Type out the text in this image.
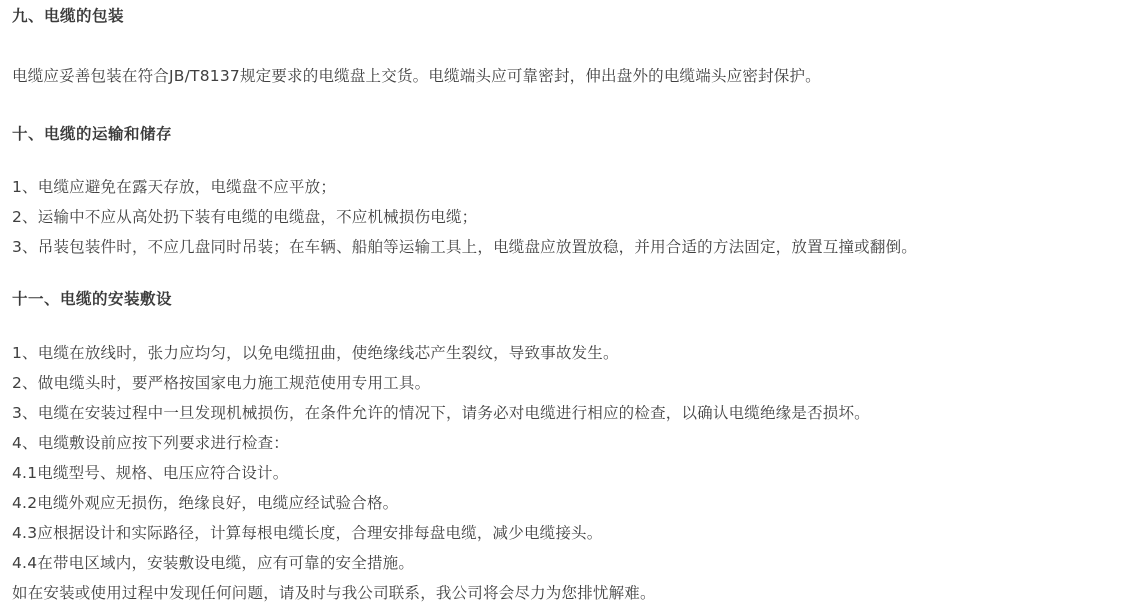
九、电缆的包装
电缆应妥善包装在符合JB/T8137规定要求的电缆盘上交货。电缆端头应可靠密封，伸出盘外的电缆端头应密封保护。
十、电缆的运输和储存
1、电缆应避免在露天存放，电缆盘不应平放；
2、运输中不应从高处扔下装有电缆的电缆盘，不应机械损伤电缆；
3、吊装包装件时，不应几盘同时吊装；在车辆、船舶等运输工具上，电缆盘应放置放稳，并用合适的方法固定，放置互撞或翻倒。
十一、电缆的安装敷设
1、电缆在放线时，张力应均匀，以免电缆扭曲，使绝缘线芯产生裂纹，导致事故发生。
2、做电缆头时，要严格按国家电力施工规范使用专用工具。
3、电缆在安装过程中一旦发现机械损伤，在条件允许的情况下，请务必对电缆进行相应的检查，以确认电缆绝缘是否损坏。
4、电缆敷设前应按下列要求进行检查：
4.1电缆型号、规格、电压应符合设计。
4.2电缆外观应无损伤，绝缘良好，电缆应经试验合格。
4.3应根据设计和实际路径，计算每根电缆长度，合理安排每盘电缆，减少电缆接头。
4.4在带电区域内，安装敷设电缆，应有可靠的安全措施。
如在安装或使用过程中发现任何问题，请及时与我公司联系，我公司将会尽力为您排忧解难。
